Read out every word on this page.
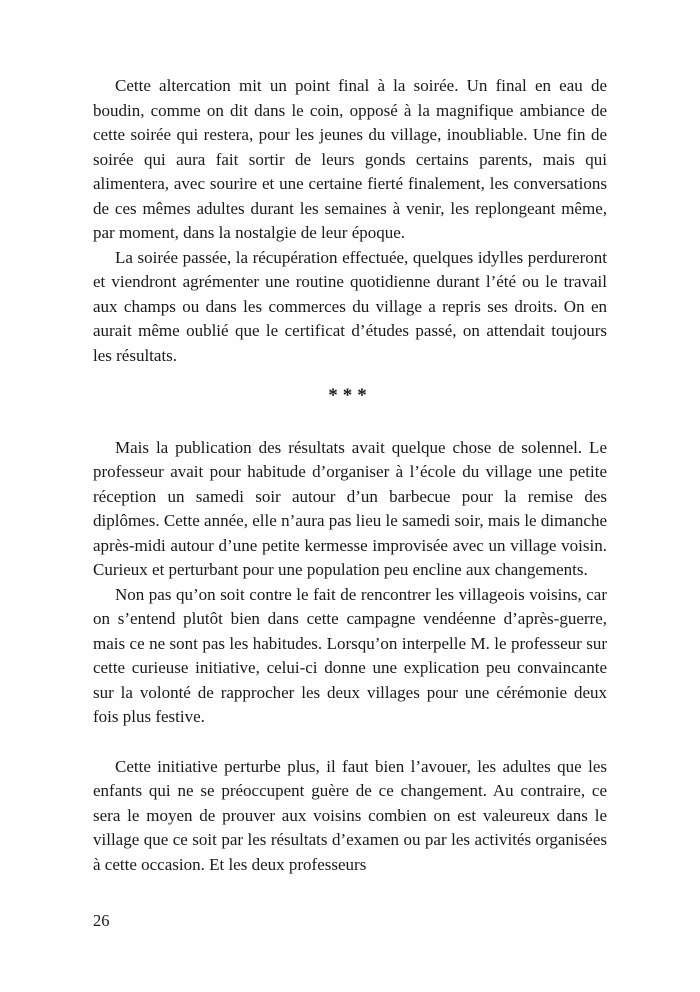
Cette altercation mit un point final à la soirée. Un final en eau de boudin, comme on dit dans le coin, opposé à la magnifique ambiance de cette soirée qui restera, pour les jeunes du village, inoubliable. Une fin de soirée qui aura fait sortir de leurs gonds certains parents, mais qui alimentera, avec sourire et une certaine fierté finalement, les conversations de ces mêmes adultes durant les semaines à venir, les replongeant même, par moment, dans la nostalgie de leur époque.

La soirée passée, la récupération effectuée, quelques idylles perdureront et viendront agrémenter une routine quotidienne durant l’été ou le travail aux champs ou dans les commerces du village a repris ses droits. On en aurait même oublié que le certificat d’études passé, on attendait toujours les résultats.

***

Mais la publication des résultats avait quelque chose de solennel. Le professeur avait pour habitude d’organiser à l’école du village une petite réception un samedi soir autour d’un barbecue pour la remise des diplômes. Cette année, elle n’aura pas lieu le samedi soir, mais le dimanche après-midi autour d’une petite kermesse improvisée avec un village voisin. Curieux et perturbant pour une population peu encline aux changements.

Non pas qu’on soit contre le fait de rencontrer les villageois voisins, car on s’entend plutôt bien dans cette campagne vendéenne d’après-guerre, mais ce ne sont pas les habitudes. Lorsqu’on interpelle M. le professeur sur cette curieuse initiative, celui-ci donne une explication peu convaincante sur la volonté de rapprocher les deux villages pour une cérémonie deux fois plus festive.

Cette initiative perturbe plus, il faut bien l’avouer, les adultes que les enfants qui ne se préoccupent guère de ce changement. Au contraire, ce sera le moyen de prouver aux voisins combien on est valeureux dans le village que ce soit par les résultats d’examen ou par les activités organisées à cette occasion. Et les deux professeurs

26
